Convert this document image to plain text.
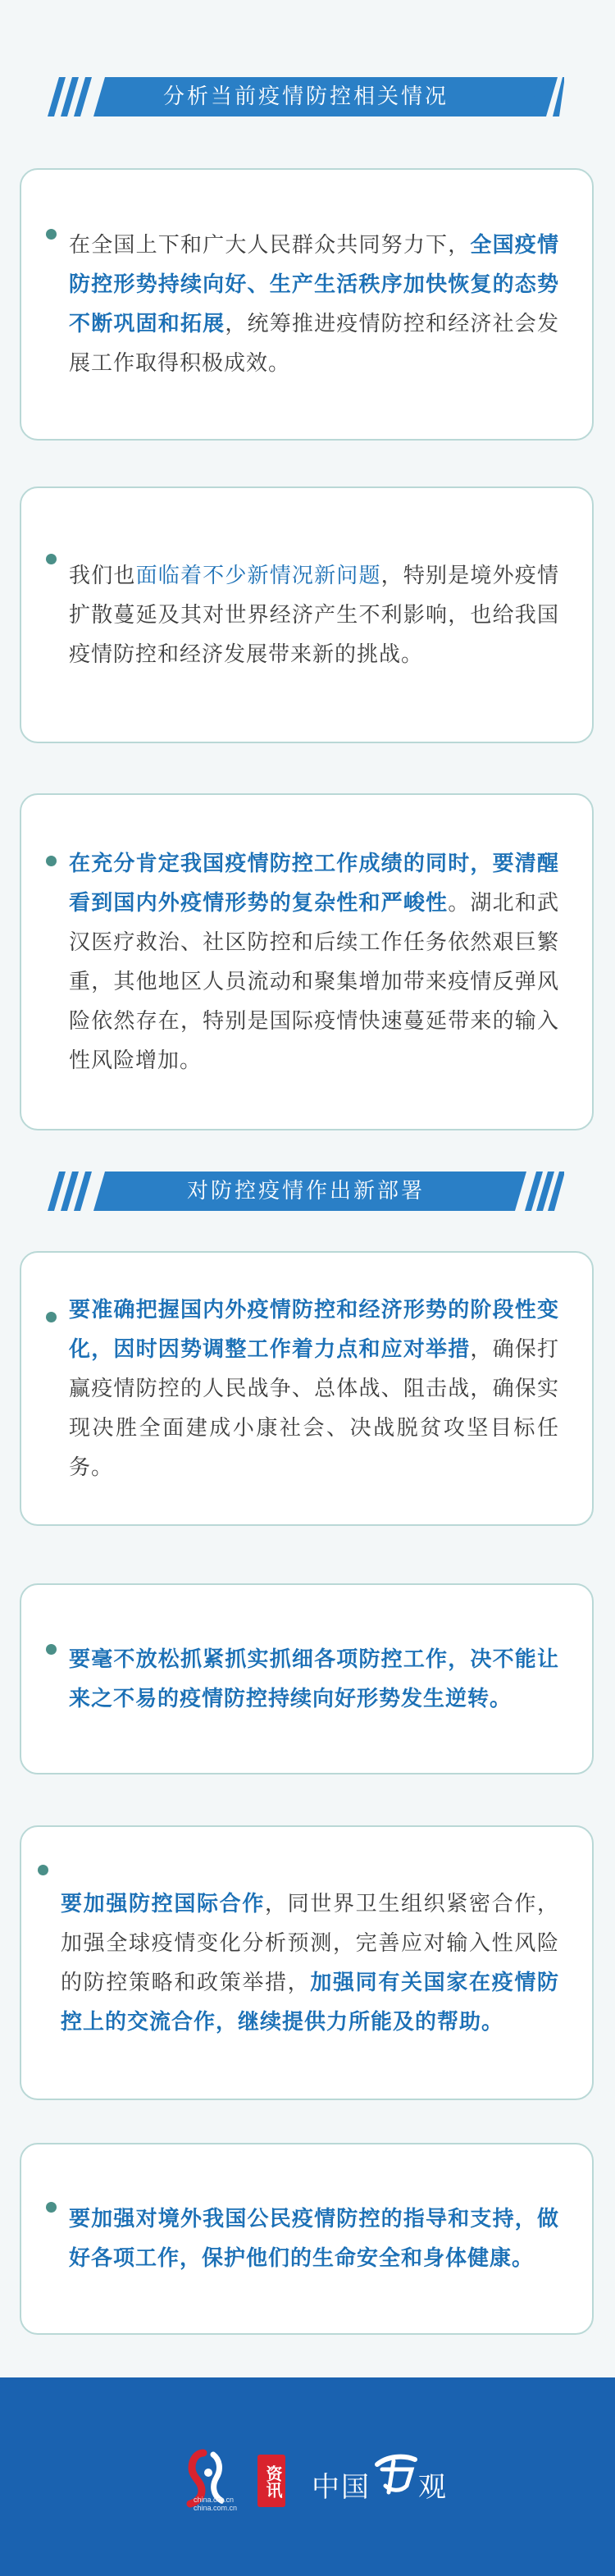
分析当前疫情防控相关情况

在全国上下和广大人民群众共同努力下，全国疫情防控形势持续向好、生产生活秩序加快恢复的态势不断巩固和拓展，统筹推进疫情防控和经济社会发展工作取得积极成效。

我们也面临着不少新情况新问题，特别是境外疫情扩散蔓延及其对世界经济产生不利影响，也给我国疫情防控和经济发展带来新的挑战。

在充分肯定我国疫情防控工作成绩的同时，要清醒看到国内外疫情形势的复杂性和严峻性。湖北和武汉医疗救治、社区防控和后续工作任务依然艰巨繁重，其他地区人员流动和聚集增加带来疫情反弹风险依然存在，特别是国际疫情快速蔓延带来的输入性风险增加。

对防控疫情作出新部署

要准确把握国内外疫情防控和经济形势的阶段性变化，因时因势调整工作着力点和应对举措，确保打赢疫情防控的人民战争、总体战、阻击战，确保实现决胜全面建成小康社会、决战脱贫攻坚目标任务。

要毫不放松抓紧抓实抓细各项防控工作，决不能让来之不易的疫情防控持续向好形势发生逆转。

要加强防控国际合作，同世界卫生组织紧密合作，加强全球疫情变化分析预测，完善应对输入性风险的防控策略和政策举措，加强同有关国家在疫情防控上的交流合作，继续提供力所能及的帮助。

要加强对境外我国公民疫情防控的指导和支持，做好各项工作，保护他们的生命安全和身体健康。

china.org.cn
china.com.cn
资讯 中国 观
